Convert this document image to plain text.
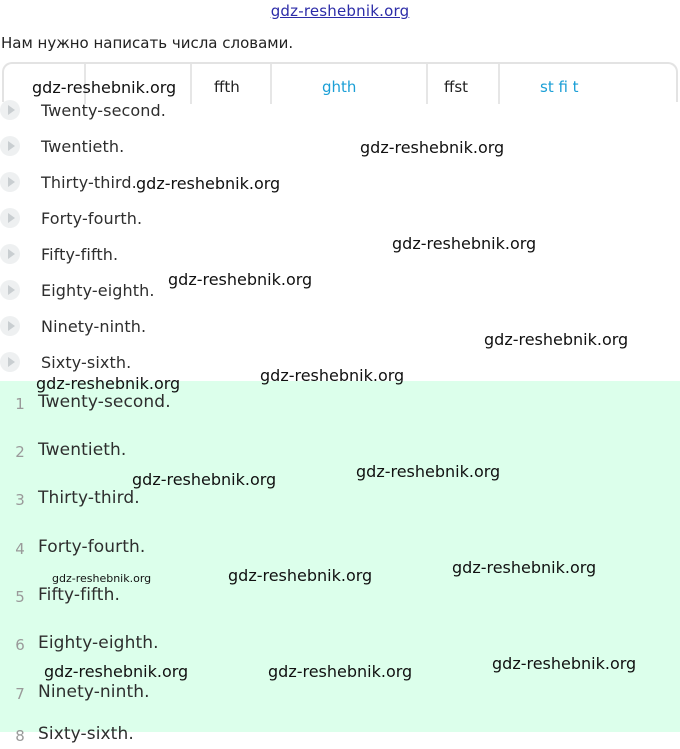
gdz-reshebnik.org
Нам нужно написать числа словами.
ffth	ghth	ffst	st fi t
Twenty-second.
Twentieth.
Thirty-third.
Forty-fourth.
Fifty-fifth.
Eighty-eighth.
Ninety-ninth.
Sixty-sixth.
1 Twenty-second.
2 Twentieth.
3 Thirty-third.
4 Forty-fourth.
5 Fifty-fifth.
6 Eighty-eighth.
7 Ninety-ninth.
8 Sixty-sixth.
gdz-reshebnik.org
gdz-reshebnik.org
gdz-reshebnik.org
gdz-reshebnik.org
gdz-reshebnik.org
gdz-reshebnik.org
gdz-reshebnik.org	gdz-reshebnik.org
gdz-reshebnik.org
gdz-reshebnik.org
gdz-reshebnik.org	gdz-reshebnik.org	gdz-reshebnik.org
gdz-reshebnik.org	gdz-reshebnik.org	gdz-reshebnik.org
